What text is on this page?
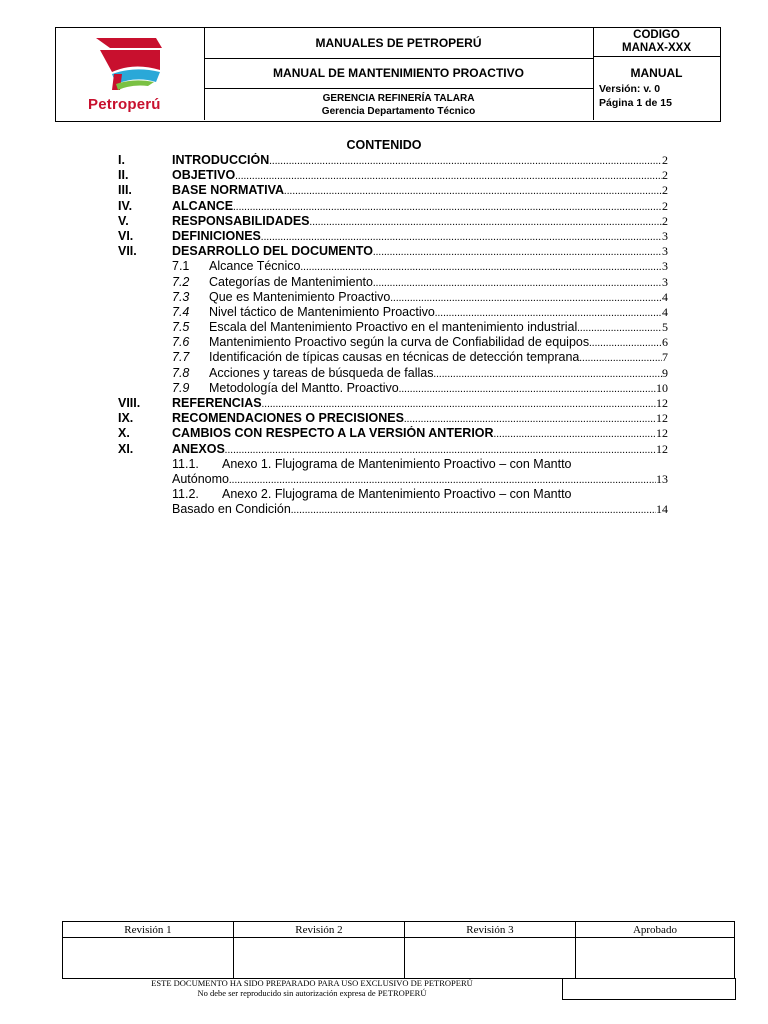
Petroperú
MANUALES DE PETROPERÚ
MANUAL DE MANTENIMIENTO PROACTIVO
GERENCIA REFINERÍA TALARA
Gerencia Departamento Técnico
CODIGO
MANAX-XXX
MANUAL
Versión: v. 0
Página 1 de 15
CONTENIDO
I.	INTRODUCCIÓN .....	2
II.	OBJETIVO .....	2
III.	BASE NORMATIVA .....	2
IV.	ALCANCE .....	2
V.	RESPONSABILIDADES .....	2
VI.	DEFINICIONES .....	3
VII.	DESARROLLO DEL DOCUMENTO .....	3
7.1 Alcance Técnico .....	3
7.2 Categorías de Mantenimiento .....	3
7.3 Que es Mantenimiento Proactivo .....	4
7.4 Nivel táctico de Mantenimiento Proactivo .....	4
7.5 Escala del Mantenimiento Proactivo en el mantenimiento industrial .....	5
7.6 Mantenimiento Proactivo según la curva de Confiabilidad de equipos .....	6
7.7 Identificación de típicas causas en técnicas de detección temprana .....	7
7.8 Acciones y tareas de búsqueda de fallas .....	9
7.9 Metodología del Mantto. Proactivo .....	10
VIII.	REFERENCIAS .....	12
IX.	RECOMENDACIONES O PRECISIONES .....	12
X.	CAMBIOS CON RESPECTO A LA VERSIÓN ANTERIOR .....	12
XI.	ANEXOS .....	12
11.1. Anexo 1. Flujograma de Mantenimiento Proactivo – con Mantto
Autónomo .....	13
11.2. Anexo 2. Flujograma de Mantenimiento Proactivo – con Mantto
Basado en Condición .....	14
Revisión 1	Revisión 2	Revisión 3	Aprobado

ESTE DOCUMENTO HA SIDO PREPARADO PARA USO EXCLUSIVO DE PETROPERÚ
No debe ser reproducido sin autorización expresa de PETROPERÚ
